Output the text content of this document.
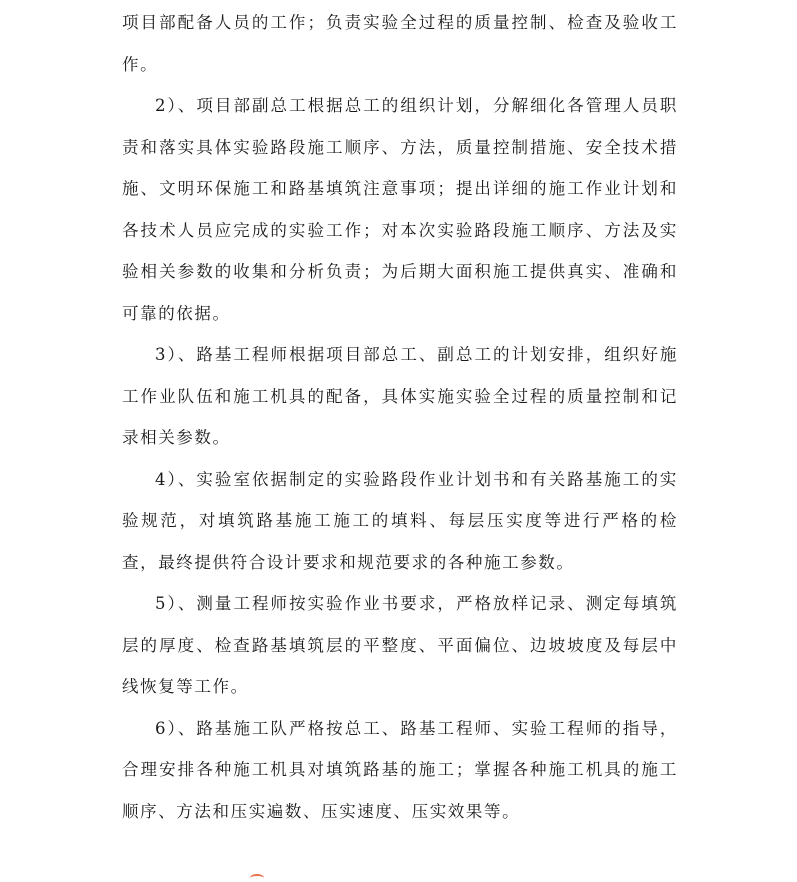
项目部配备人员的工作；负责实验全过程的质量控制、检查及验收工作。

2）、项目部副总工根据总工的组织计划，分解细化各管理人员职责和落实具体实验路段施工顺序、方法，质量控制措施、安全技术措施、文明环保施工和路基填筑注意事项；提出详细的施工作业计划和各技术人员应完成的实验工作；对本次实验路段施工顺序、方法及实验相关参数的收集和分析负责；为后期大面积施工提供真实、准确和可靠的依据。

3）、路基工程师根据项目部总工、副总工的计划安排，组织好施工作业队伍和施工机具的配备，具体实施实验全过程的质量控制和记录相关参数。

4）、实验室依据制定的实验路段作业计划书和有关路基施工的实验规范，对填筑路基施工施工的填料、每层压实度等进行严格的检查，最终提供符合设计要求和规范要求的各种施工参数。

5）、测量工程师按实验作业书要求，严格放样记录、测定每填筑层的厚度、检查路基填筑层的平整度、平面偏位、边坡坡度及每层中线恢复等工作。

6）、路基施工队严格按总工、路基工程师、实验工程师的指导，合理安排各种施工机具对填筑路基的施工；掌握各种施工机具的施工顺序、方法和压实遍数、压实速度、压实效果等。
